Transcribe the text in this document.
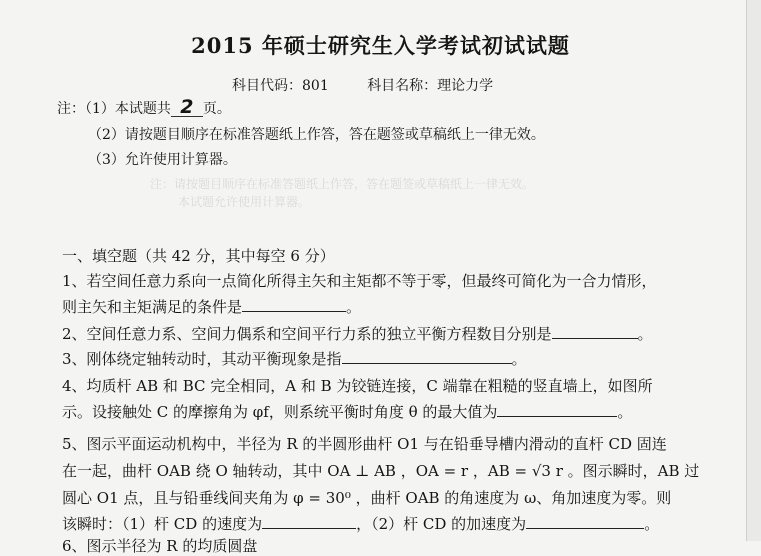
注：请按题目顺序在标准答题纸上作答，答在题签或草稿纸上一律无效。
本试题允许使用计算器。
2015 年硕士研究生入学考试初试试题
科目代码：801	科目名称：理论力学
注：（1）本试题共 2 页。
（2）请按题目顺序在标准答题纸上作答，答在题签或草稿纸上一律无效。
（3）允许使用计算器。
一、填空题（共 42 分，其中每空 6 分）
1、若空间任意力系向一点简化所得主矢和主矩都不等于零，但最终可简化为一合力情形，
则主矢和主矩满足的条件是	。
2、空间任意力系、空间力偶系和空间平行力系的独立平衡方程数目分别是	。
3、刚体绕定轴转动时，其动平衡现象是指	。
4、均质杆 AB 和 BC 完全相同，A 和 B 为铰链连接，C 端靠在粗糙的竖直墙上，如图所
示。设接触处 C 的摩擦角为 φf，则系统平衡时角度 θ 的最大值为	。
5、图示平面运动机构中，半径为 R 的半圆形曲杆 O1 与在铅垂导槽内滑动的直杆 CD 固连
在一起，曲杆 OAB 绕 O 轴转动，其中 OA ⊥ AB ，OA = r ，AB = √3 r 。图示瞬时，AB 过
圆心 O1 点，且与铅垂线间夹角为 φ = 30⁰ ，曲杆 OAB 的角速度为 ω、角加速度为零。则
该瞬时：（1）杆 CD 的速度为	，（2）杆 CD 的加速度为	。
6、图示半径为 R 的均质圆盘
